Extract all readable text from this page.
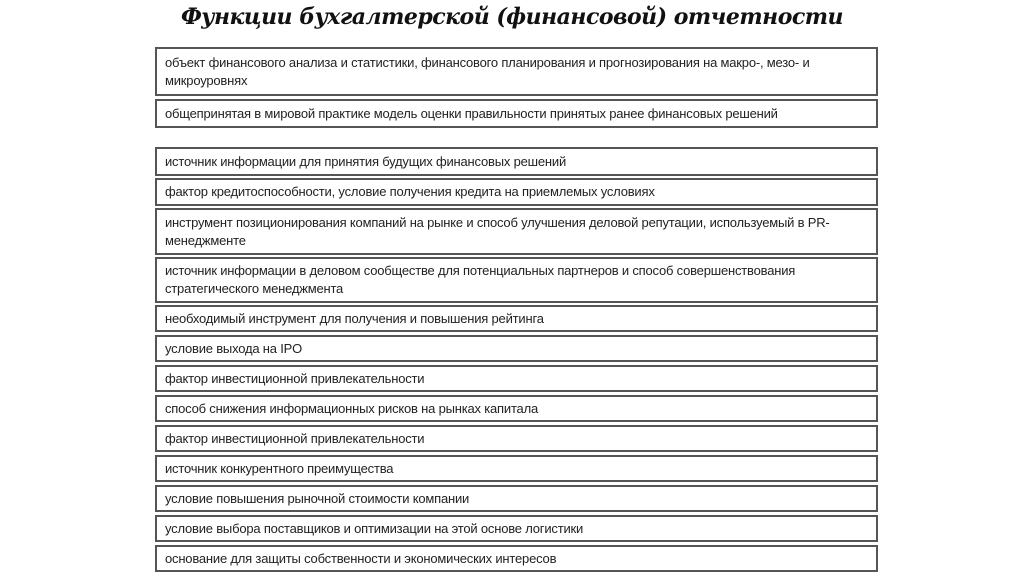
Функции бухгалтерской (финансовой) отчетности
объект финансового анализа и статистики, финансового планирования и прогнозирования на макро-, мезо- и микроуровнях
общепринятая в мировой практике модель оценки правильности принятых ранее финансовых решений
источник информации для принятия будущих финансовых решений
фактор кредитоспособности, условие получения кредита на приемлемых условиях
инструмент позиционирования компаний на рынке и способ улучшения деловой репутации, используемый в PR-менеджменте
источник информации в деловом сообществе для потенциальных партнеров и способ совершенствования стратегического менеджмента
необходимый инструмент для получения и повышения рейтинга
условие выхода на IPO
фактор инвестиционной привлекательности
способ снижения информационных рисков на рынках капитала
фактор инвестиционной привлекательности
источник конкурентного преимущества
условие повышения рыночной стоимости компании
условие выбора поставщиков и оптимизации на этой основе логистики
основание для защиты собственности и экономических интересов
